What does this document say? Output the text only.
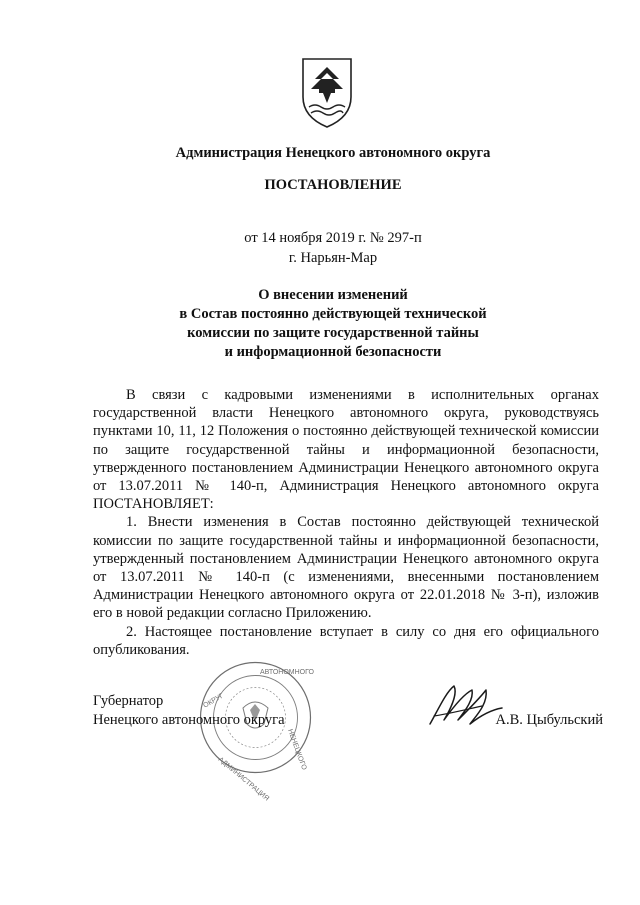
Администрация Ненецкого автономного округа
ПОСТАНОВЛЕНИЕ
от 14 ноября 2019 г. № 297-п
г. Нарьян-Мар
О внесении изменений
в Состав постоянно действующей технической
комиссии по защите государственной тайны
и информационной безопасности

В связи с кадровыми изменениями в исполнительных органах государственной власти Ненецкого автономного округа, руководствуясь пунктами 10, 11, 12 Положения о постоянно действующей технической комиссии по защите государственной тайны и информационной безопасности, утвержденного постановлением Администрации Ненецкого автономного округа от 13.07.2011 № 140-п, Администрация Ненецкого автономного округа ПОСТАНОВЛЯЕТ:

1. Внести изменения в Состав постоянно действующей технической комиссии по защите государственной тайны и информационной безопасности, утвержденный постановлением Администрации Ненецкого автономного округа от 13.07.2011 № 140-п (с изменениями, внесенными постановлением Администрации Ненецкого автономного округа от 22.01.2018 № 3-п), изложив его в новой редакции согласно Приложению.

2. Настоящее постановление вступает в силу со дня его официального опубликования.

ОКРУГ
АВТОНОМНОГО
НЕНЕЦКОГО
АДМИНИСТРАЦИЯ
Губернатор
Ненецкого автономного округа	А.В. Цыбульский
